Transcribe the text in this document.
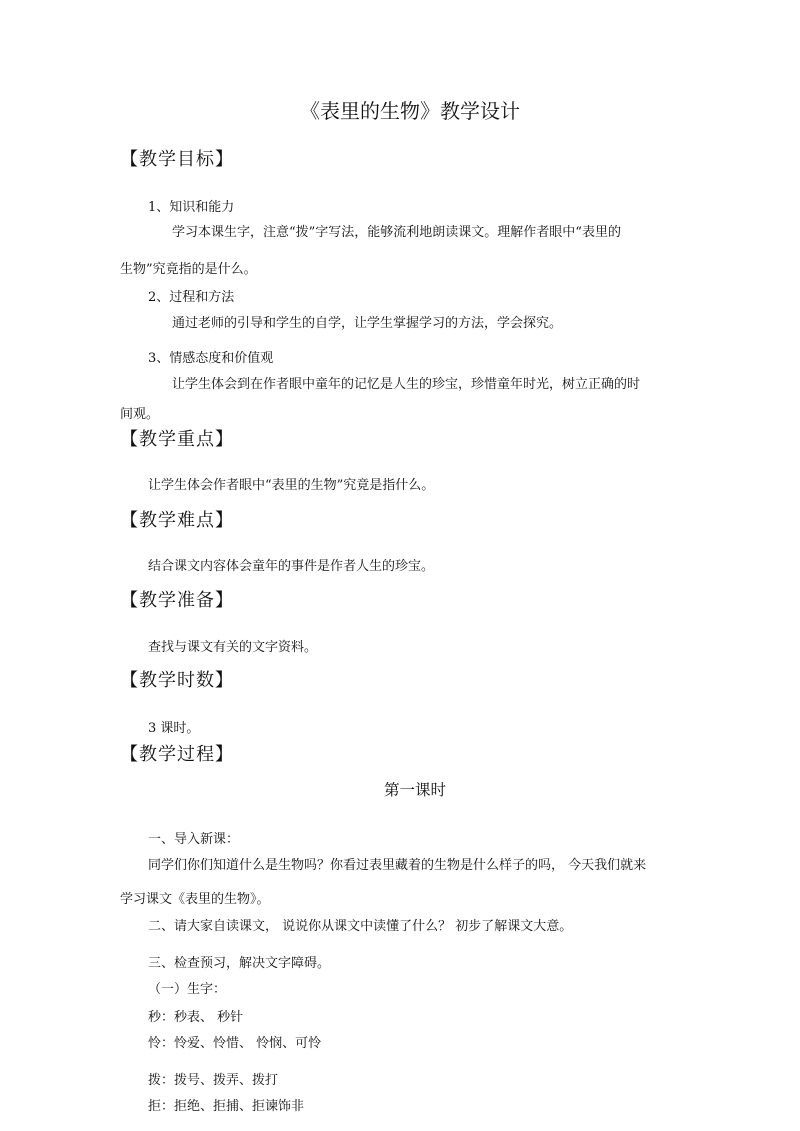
《表里的生物》教学设计

【教学目标】

1、知识和能力

学习本课生字，注意“拨”字写法，能够流利地朗读课文。理解作者眼中“表里的

生物”究竟指的是什么。

2、过程和方法

通过老师的引导和学生的自学，让学生掌握学习的方法，学会探究。

3、情感态度和价值观

让学生体会到在作者眼中童年的记忆是人生的珍宝，珍惜童年时光，树立正确的时

间观。

【教学重点】

让学生体会作者眼中“表里的生物”究竟是指什么。

【教学难点】

结合课文内容体会童年的事件是作者人生的珍宝。

【教学准备】

查找与课文有关的文字资料。

【教学时数】

3 课时。

【教学过程】

第一课时

一、导入新课：

同学们你们知道什么是生物吗？你看过表里藏着的生物是什么样子的吗， 今天我们就来

学习课文《表里的生物》。

二、请大家自读课文， 说说你从课文中读懂了什么？ 初步了解课文大意。

三、检查预习，解决文字障碍。

（一）生字：

秒：秒表、 秒针

怜：怜爱、怜惜、 怜悯、可怜

拨：拨号、拨弄、拨打

拒：拒绝、拒捕、拒谏饰非
